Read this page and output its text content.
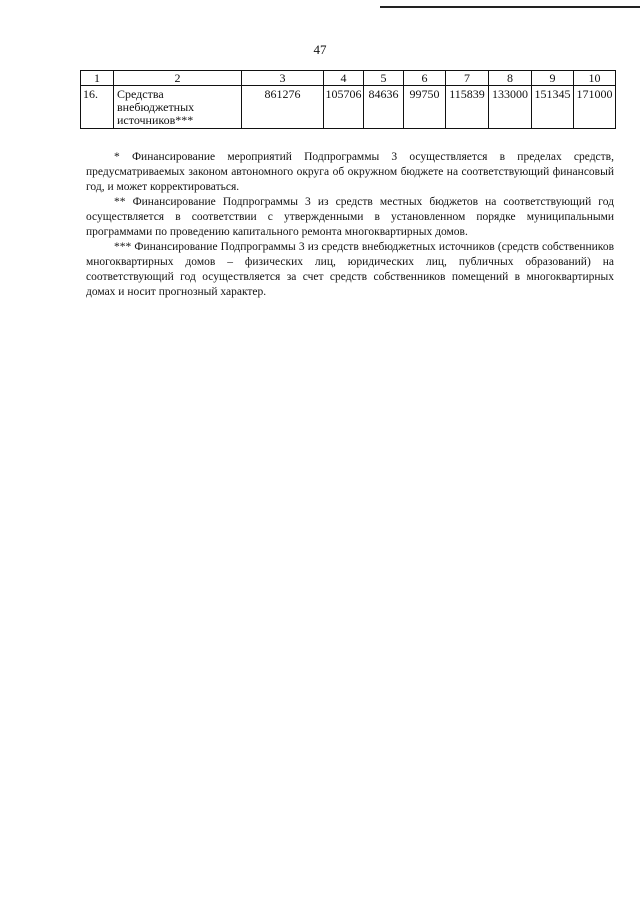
47
1	2	3	4	5	6	7	8	9	10
16.	Средства внебюджетных источников***	861276	105706	84636	99750	115839	133000	151345	171000

* Финансирование мероприятий Подпрограммы 3 осуществляется в пределах средств, предусматриваемых законом автономного округа об окружном бюджете на соответствующий финансовый год, и может корректироваться.

** Финансирование Подпрограммы 3 из средств местных бюджетов на соответствующий год осуществляется в соответствии с утвержденными в установленном порядке муниципальными программами по проведению капитального ремонта многоквартирных домов.

*** Финансирование Подпрограммы 3 из средств внебюджетных источников (средств собственников многоквартирных домов – физических лиц, юридических лиц, публичных образований) на соответствующий год осуществляется за счет средств собственников помещений в многоквартирных домах и носит прогнозный характер.
